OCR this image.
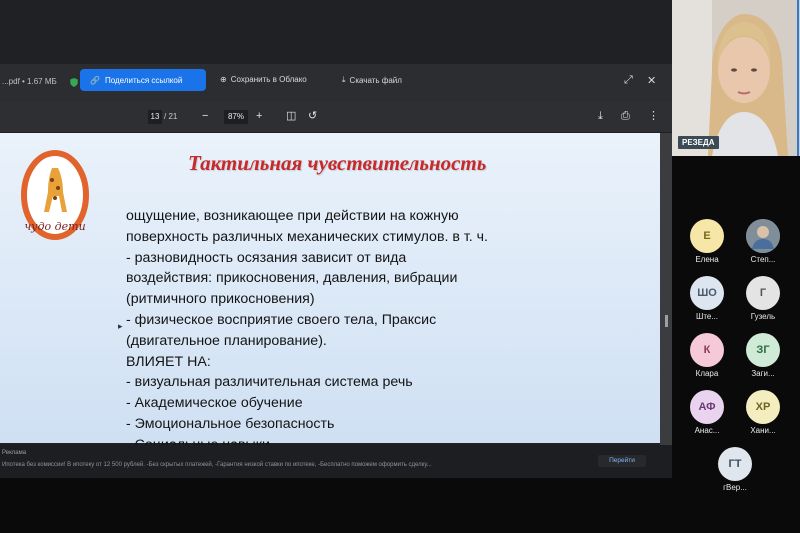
...pdf • 1.67 МБ	🔗 Поделиться ссылкой	⊕ Сохранить в Облако	⤓ Скачать файл	⤢ ✕
13 / 21 −	87%	+ ◫ ↺	⤓ ⎙ ⋮
чудо дети
Тактильная чувствительность
ощущение, возникающее при действии на кожную
поверхность различных механических стимулов. в т. ч.
- разновидность осязания зависит от вида
воздействия: прикосновения, давления, вибрации
(ритмичного прикосновения)
- физическое восприятие своего тела, Праксис
(двигательное планирование).
ВЛИЯЕТ НА:
- визуальная различительная система речь
- Академическое обучение
- Эмоциональное безопасность
▸
Реклама
Ипотека без комиссии! В ипотеку от 12 500 рублей. -Без скрытых платежей, -Гарантия низкой ставки по ипотеке, -Бесплатно поможем оформить сделку...
Перейти
РЕЗЕДА
Е
Елена	Степ...
ШО
Ште...
Г
Гузель
К
Клара
ЗГ
Заги...
АФ
Анас...
ХР
Хани...
ГТ
гВер...
